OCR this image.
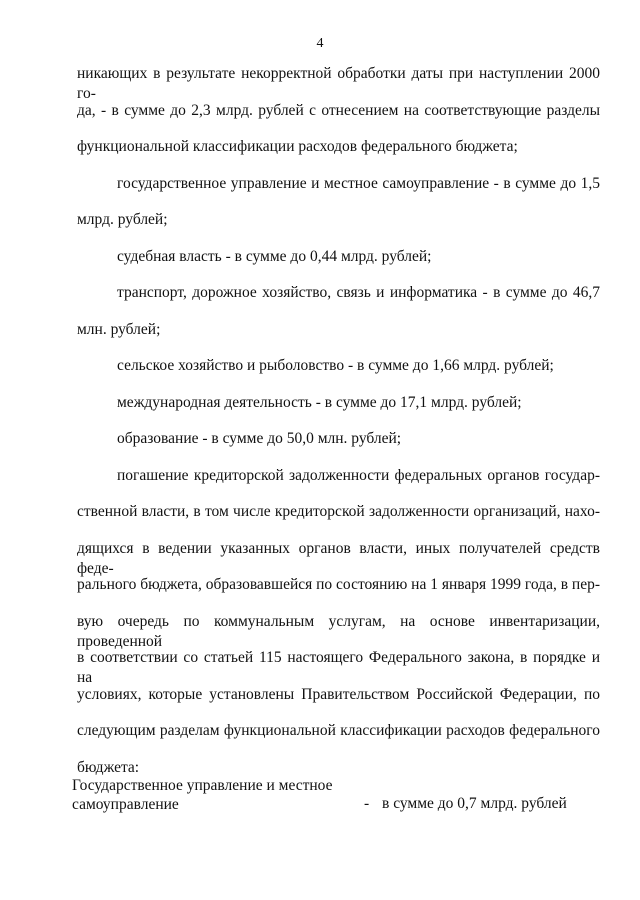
4
никающих в результате некорректной обработки даты при наступлении 2000 го-
да, - в сумме до 2,3 млрд. рублей с отнесением на соответствующие разделы
функциональной классификации расходов федерального бюджета;
государственное управление и местное самоуправление - в сумме до 1,5
млрд. рублей;
судебная власть - в сумме до 0,44 млрд. рублей;
транспорт, дорожное хозяйство, связь и информатика - в сумме до 46,7
млн. рублей;
сельское хозяйство и рыболовство - в сумме до 1,66 млрд. рублей;
международная деятельность - в сумме до 17,1 млрд. рублей;
образование - в сумме до 50,0 млн. рублей;
погашение кредиторской задолженности федеральных органов государ-
ственной власти, в том числе кредиторской задолженности организаций, нахо-
дящихся в ведении указанных органов власти, иных получателей средств феде-
рального бюджета, образовавшейся по состоянию на 1 января 1999 года, в пер-
вую очередь по коммунальным услугам, на основе инвентаризации, проведенной
в соответствии со статьей 115 настоящего Федерального закона, в порядке и на
условиях, которые установлены Правительством Российской Федерации, по
следующим разделам функциональной классификации расходов федерального
бюджета:
Государственное управление и местное
самоуправление	- в сумме до 0,7 млрд. рублей
